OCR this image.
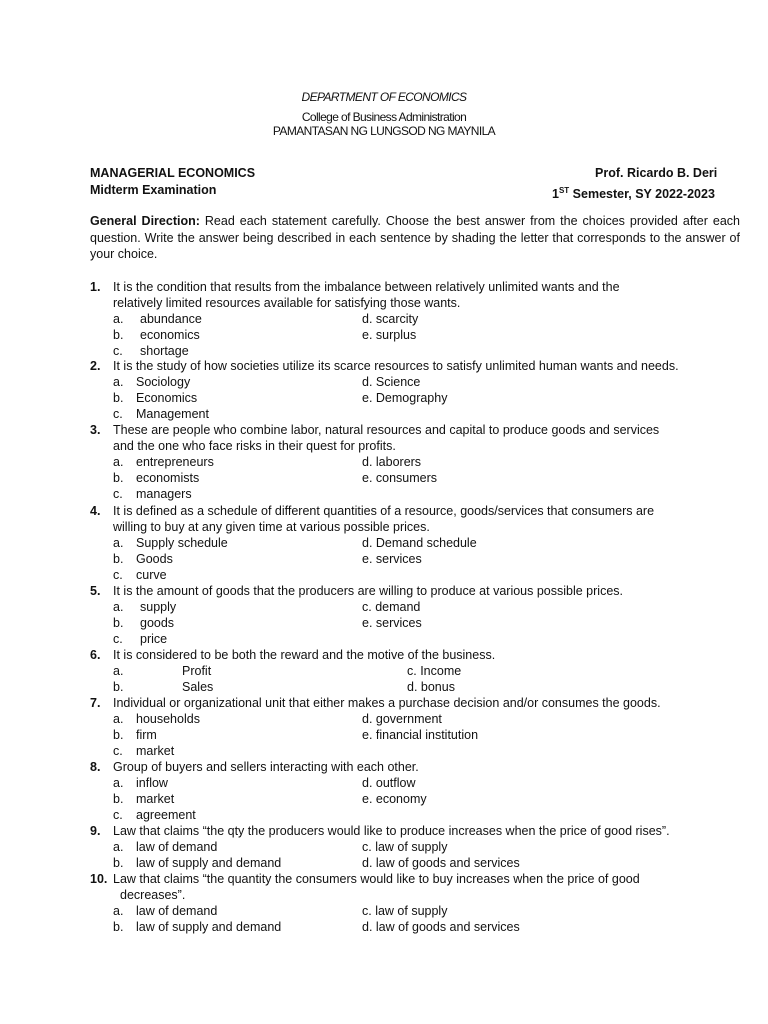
DEPARTMENT OF ECONOMICS
College of Business Administration
PAMANTASAN NG LUNGSOD NG MAYNILA
MANAGERIAL ECONOMICS
Midterm Examination
Prof. Ricardo B. Deri
1ST Semester, SY 2022-2023
General Direction: Read each statement carefully. Choose the best answer from the choices provided after each question. Write the answer being described in each sentence by shading the letter that corresponds to the answer of your choice.
1. It is the condition that results from the imbalance between relatively unlimited wants and the
relatively limited resources available for satisfying those wants.
a. abundance	d. scarcity
b. economics	e. surplus
c. shortage
2. It is the study of how societies utilize its scarce resources to satisfy unlimited human wants and needs.
a. Sociology	d. Science
b. Economics	e. Demography
c. Management
3. These are people who combine labor, natural resources and capital to produce goods and services
and the one who face risks in their quest for profits.
a. entrepreneurs	d. laborers
b. economists	e. consumers
c. managers
4. It is defined as a schedule of different quantities of a resource, goods/services that consumers are
willing to buy at any given time at various possible prices.
a. Supply schedule	d. Demand schedule
b. Goods	e. services
c. curve
5. It is the amount of goods that the producers are willing to produce at various possible prices.
a. supply	c. demand
b. goods	e. services
c. price
6. It is considered to be both the reward and the motive of the business.
a.	Profit	c. Income
b.	Sales	d. bonus
7. Individual or organizational unit that either makes a purchase decision and/or consumes the goods.
a. households	d. government
b. firm	e. financial institution
c. market
8. Group of buyers and sellers interacting with each other.
a. inflow	d. outflow
b. market	e. economy
c. agreement
9. Law that claims “the qty the producers would like to produce increases when the price of good rises”.
a. law of demand	c. law of supply
b. law of supply and demand	d. law of goods and services
10. Law that claims “the quantity the consumers would like to buy increases when the price of good
decreases”.
a. law of demand	c. law of supply
b. law of supply and demand	d. law of goods and services
